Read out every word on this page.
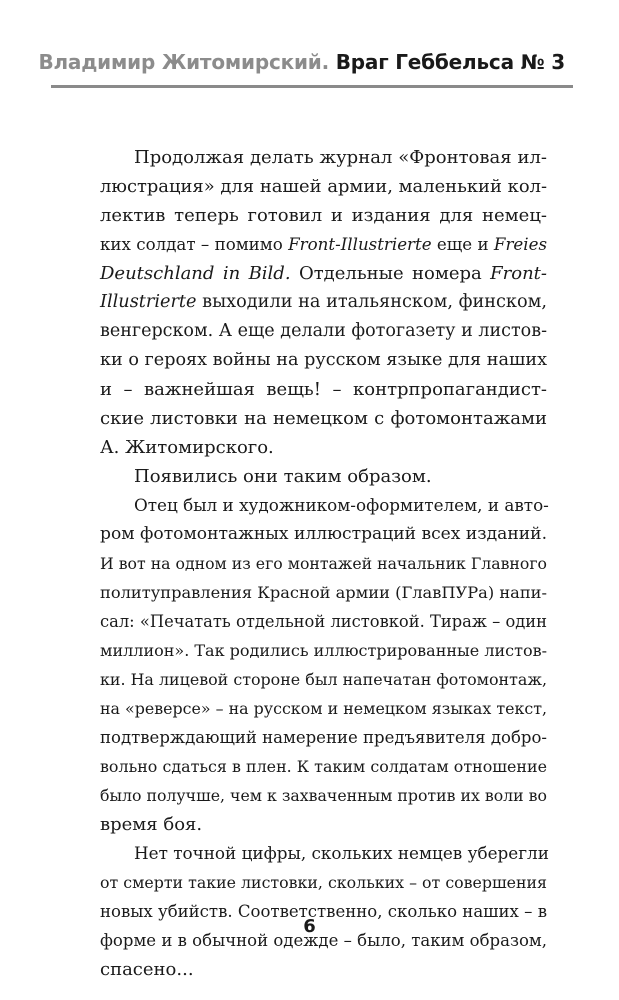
Владимир Житомирский. Враг Геббельса № 3
Продолжая делать журнал «Фронтовая ил-
люстрация» для нашей армии, маленький кол-
лектив теперь готовил и издания для немец-
ких солдат – помимо Front-Illustrierte еще и Freies
Deutschland in Bild. Отдельные номера Front-
Illustrierte выходили на итальянском, финском,
венгерском. А еще делали фотогазету и листов-
ки о героях войны на русском языке для наших
и – важнейшая вещь! – контрпропагандист-
ские листовки на немецком с фотомонтажами
А. Житомирского.
Появились они таким образом.
Отец был и художником-оформителем, и авто-
ром фотомонтажных иллюстраций всех изданий.
И вот на одном из его монтажей начальник Главного
политуправления Красной армии (ГлавПУРа) напи-
сал: «Печатать отдельной листовкой. Тираж – один
миллион». Так родились иллюстрированные листов-
ки. На лицевой стороне был напечатан фотомонтаж,
на «реверсе» – на русском и немецком языках текст,
подтверждающий намерение предъявителя добро-
вольно сдаться в плен. К таким солдатам отношение
было получше, чем к захваченным против их воли во
время боя.
Нет точной цифры, скольких немцев уберегли
от смерти такие листовки, скольких – от совершения
новых убийств. Соответственно, сколько наших – в
форме и в обычной одежде – было, таким образом,
спасено...
6
